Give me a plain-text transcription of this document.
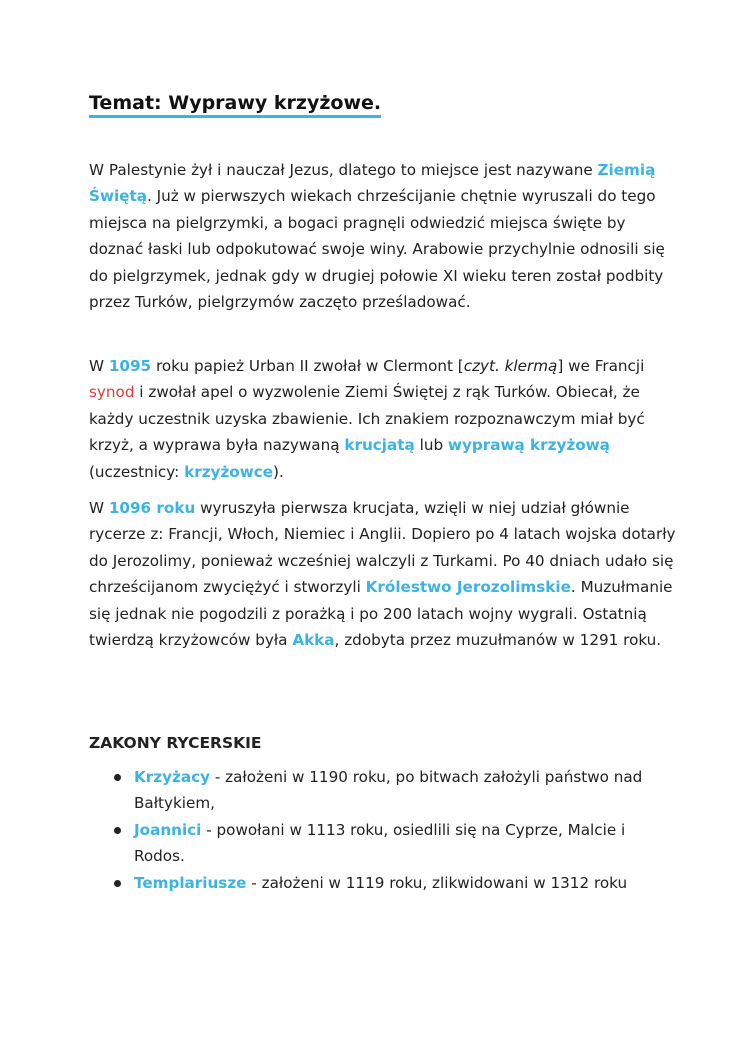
Temat: Wyprawy krzyżowe.

W Palestynie żył i nauczał Jezus, dlatego to miejsce jest nazywane Ziemią Świętą. Już w pierwszych wiekach chrześcijanie chętnie wyruszali do tego miejsca na pielgrzymki, a bogaci pragnęli odwiedzić miejsca święte by doznać łaski lub odpokutować swoje winy. Arabowie przychylnie odnosili się do pielgrzymek, jednak gdy w drugiej połowie XI wieku teren został podbity przez Turków, pielgrzymów zaczęto prześladować.

W 1095 roku papież Urban II zwołał w Clermont [czyt. klermą] we Francji synod i zwołał apel o wyzwolenie Ziemi Świętej z rąk Turków. Obiecał, że każdy uczestnik uzyska zbawienie. Ich znakiem rozpoznawczym miał być krzyż, a wyprawa była nazywaną krucjatą lub wyprawą krzyżową (uczestnicy: krzyżowce).

W 1096 roku wyruszyła pierwsza krucjata, wzięli w niej udział głównie rycerze z: Francji, Włoch, Niemiec i Anglii. Dopiero po 4 latach wojska dotarły do Jerozolimy, ponieważ wcześniej walczyli z Turkami. Po 40 dniach udało się chrześcijanom zwyciężyć i stworzyli Królestwo Jerozolimskie. Muzułmanie się jednak nie pogodzili z porażką i po 200 latach wojny wygrali. Ostatnią twierdzą krzyżowców była Akka, zdobyta przez muzułmanów w 1291 roku.

ZAKONY RYCERSKIE
Krzyżacy - założeni w 1190 roku, po bitwach założyli państwo nad Bałtykiem,
Joannici - powołani w 1113 roku, osiedlili się na Cyprze, Malcie i Rodos.
Templariusze - założeni w 1119 roku, zlikwidowani w 1312 roku
